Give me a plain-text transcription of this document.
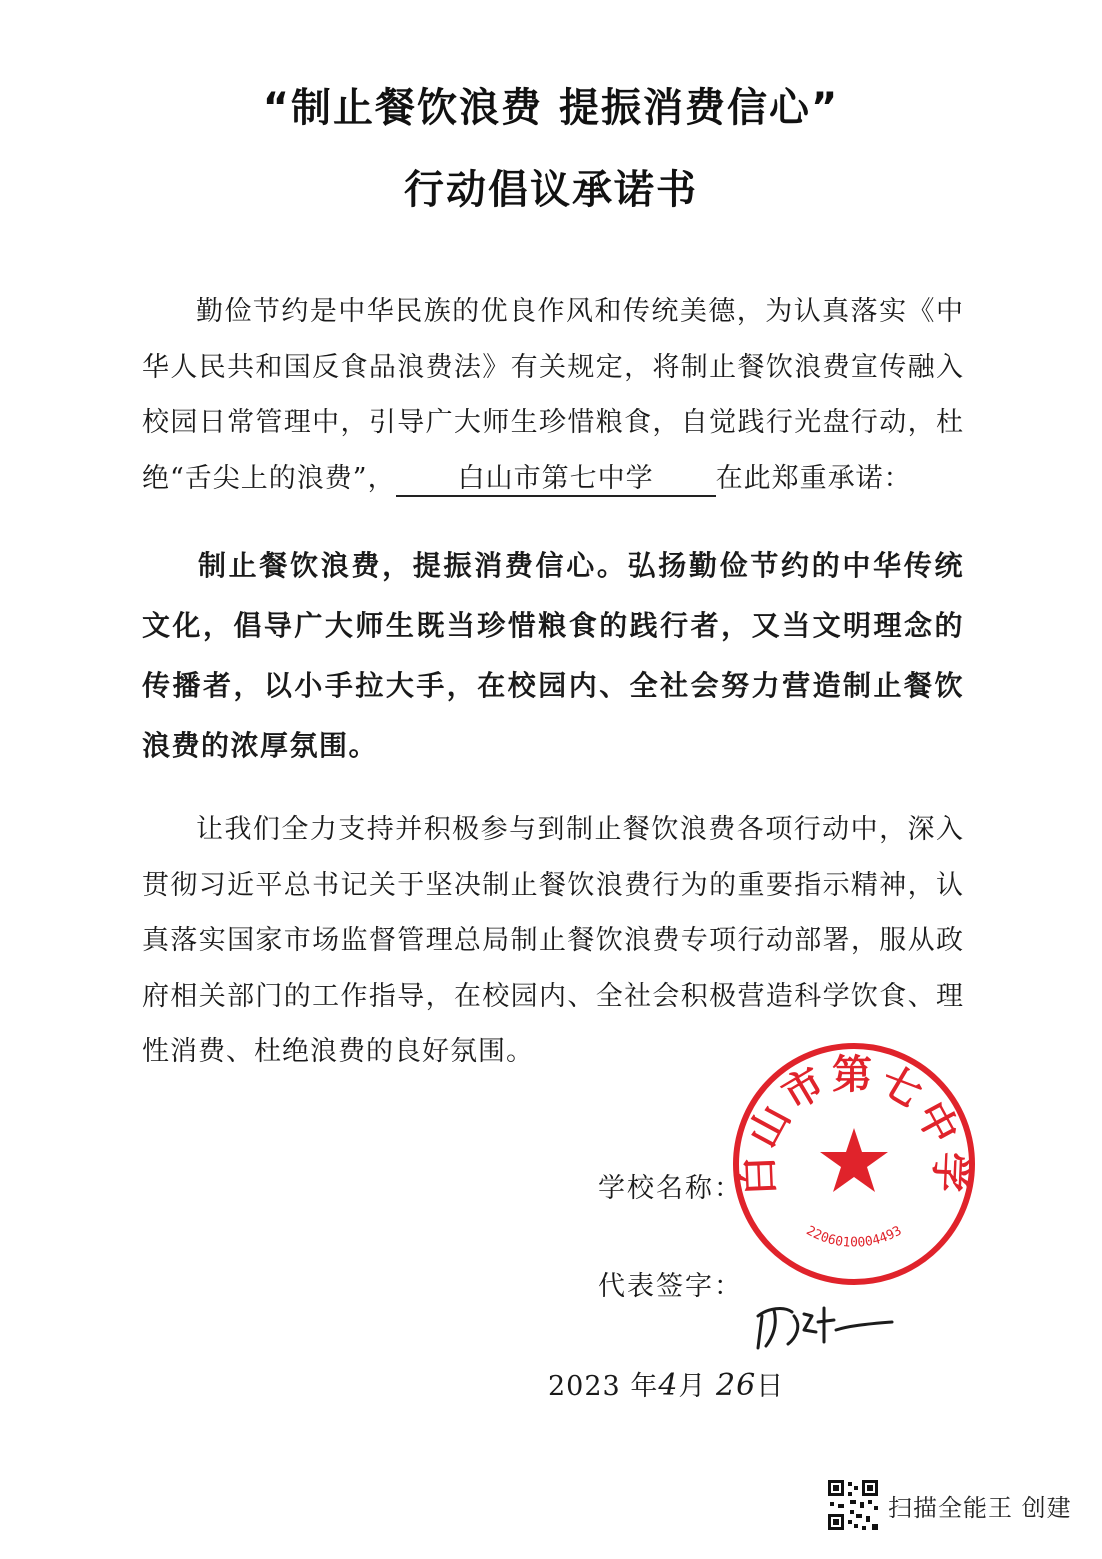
“制止餐饮浪费 提振消费信心”
行动倡议承诺书

勤俭节约是中华民族的优良作风和传统美德，为认真落实《中华人民共和国反食品浪费法》有关规定，将制止餐饮浪费宣传融入校园日常管理中，引导广大师生珍惜粮食，自觉践行光盘行动，杜绝“舌尖上的浪费”， 白山市第七中学 在此郑重承诺：

制止餐饮浪费，提振消费信心。弘扬勤俭节约的中华传统文化，倡导广大师生既当珍惜粮食的践行者，又当文明理念的传播者，以小手拉大手，在校园内、全社会努力营造制止餐饮浪费的浓厚氛围。

让我们全力支持并积极参与到制止餐饮浪费各项行动中，深入贯彻习近平总书记关于坚决制止餐饮浪费行为的重要指示精神，认真落实国家市场监督管理总局制止餐饮浪费专项行动部署，服从政府相关部门的工作指导，在校园内、全社会积极营造科学饮食、理性消费、杜绝浪费的良好氛围。

学校名称：
代表签字：
2023 年4月 26日
白山市第七中学
2206010004493
扫描全能王 创建
